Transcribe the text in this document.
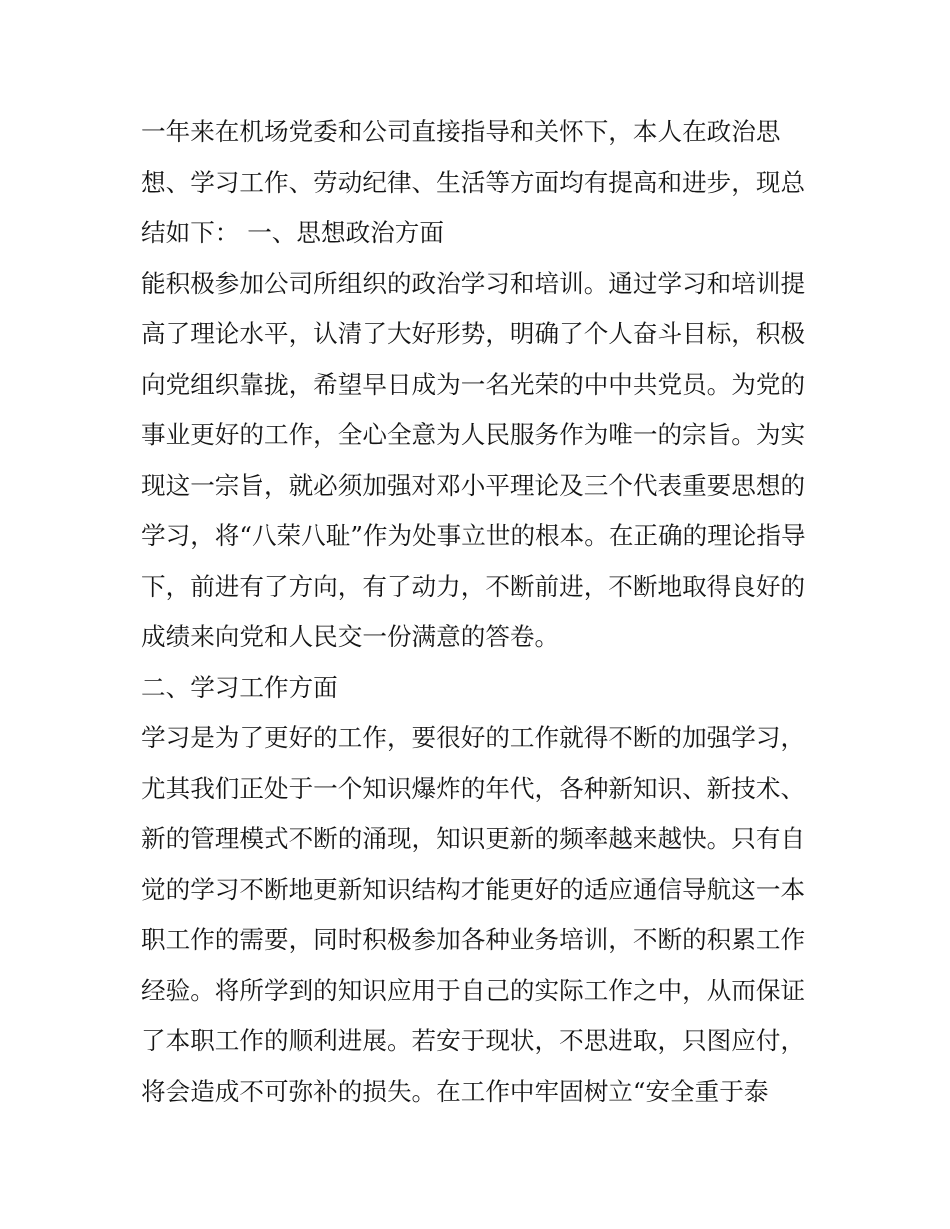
一年来在机场党委和公司直接指导和关怀下，本人在政治思
想、学习工作、劳动纪律、生活等方面均有提高和进步，现总
结如下： 一、思想政治方面
能积极参加公司所组织的政治学习和培训。通过学习和培训提
高了理论水平，认清了大好形势，明确了个人奋斗目标，积极
向党组织靠拢，希望早日成为一名光荣的中中共党员。为党的
事业更好的工作，全心全意为人民服务作为唯一的宗旨。为实
现这一宗旨，就必须加强对邓小平理论及三个代表重要思想的
学习，将“八荣八耻”作为处事立世的根本。在正确的理论指导
下，前进有了方向，有了动力，不断前进，不断地取得良好的
成绩来向党和人民交一份满意的答卷。
二、学习工作方面
学习是为了更好的工作，要很好的工作就得不断的加强学习，
尤其我们正处于一个知识爆炸的年代，各种新知识、新技术、
新的管理模式不断的涌现，知识更新的频率越来越快。只有自
觉的学习不断地更新知识结构才能更好的适应通信导航这一本
职工作的需要，同时积极参加各种业务培训，不断的积累工作
经验。将所学到的知识应用于自己的实际工作之中，从而保证
了本职工作的顺利进展。若安于现状，不思进取，只图应付，
将会造成不可弥补的损失。在工作中牢固树立“安全重于泰
